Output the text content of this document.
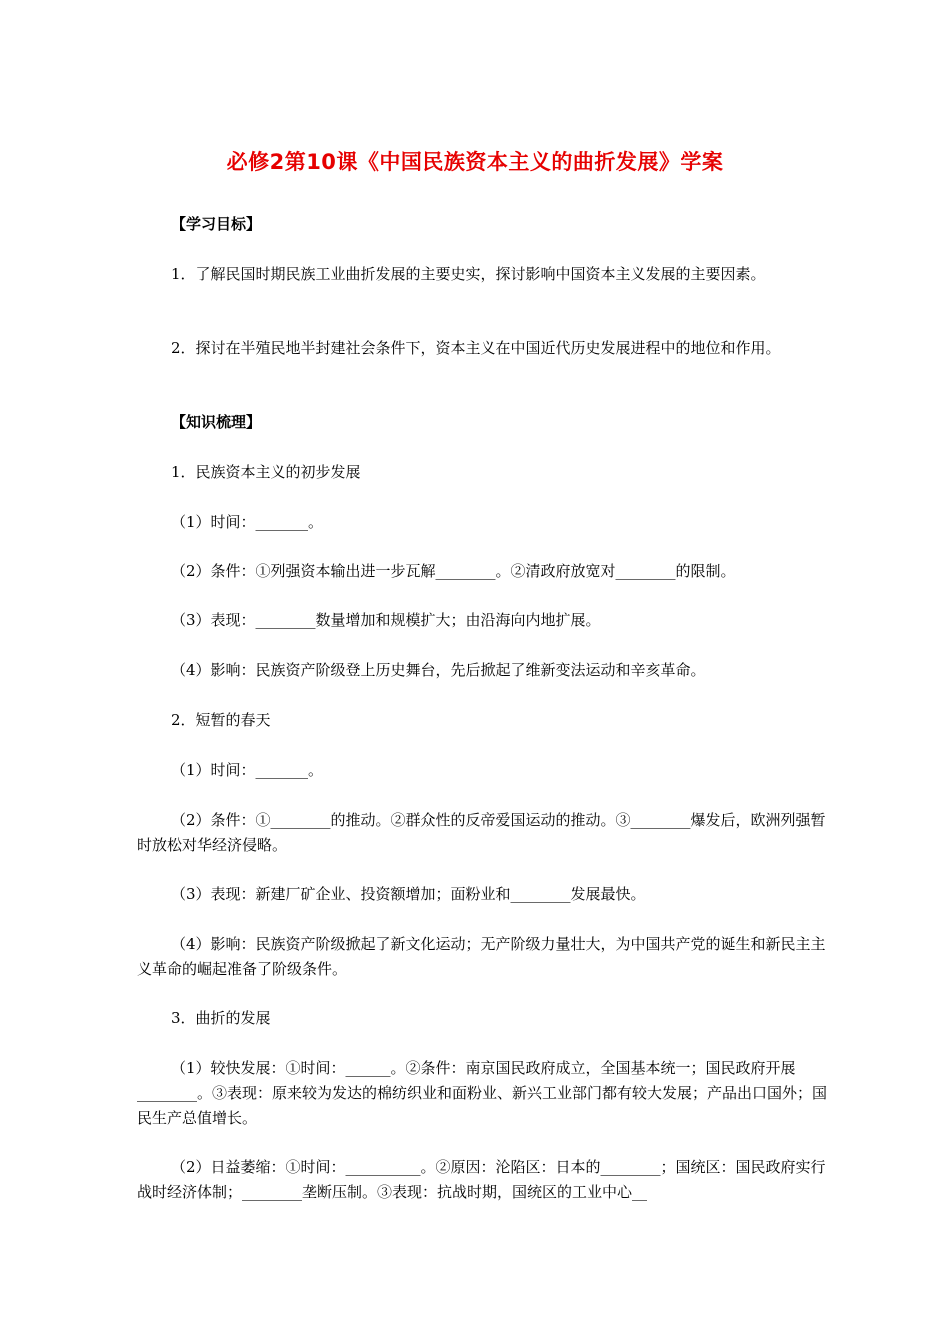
必修2第10课《中国民族资本主义的曲折发展》学案
【学习目标】
1．了解民国时期民族工业曲折发展的主要史实，探讨影响中国资本主义发展的主要因素。
2．探讨在半殖民地半封建社会条件下，资本主义在中国近代历史发展进程中的地位和作用。
【知识梳理】
1．民族资本主义的初步发展
（1）时间：_______。
（2）条件：①列强资本输出进一步瓦解________。②清政府放宽对________的限制。
（3）表现：________数量增加和规模扩大；由沿海向内地扩展。
（4）影响：民族资产阶级登上历史舞台，先后掀起了维新变法运动和辛亥革命。
2．短暂的春天
（1）时间：_______。
（2）条件：①________的推动。②群众性的反帝爱国运动的推动。③________爆发后，欧洲列强暂时放松对华经济侵略。
（3）表现：新建厂矿企业、投资额增加；面粉业和________发展最快。
（4）影响：民族资产阶级掀起了新文化运动；无产阶级力量壮大，为中国共产党的诞生和新民主主义革命的崛起准备了阶级条件。
3．曲折的发展
（1）较快发展：①时间：______。②条件：南京国民政府成立，全国基本统一；国民政府开展________。③表现：原来较为发达的棉纺织业和面粉业、新兴工业部门都有较大发展；产品出口国外；国民生产总值增长。
（2）日益萎缩：①时间：__________。②原因：沦陷区：日本的________；国统区：国民政府实行战时经济体制；________垄断压制。③表现：抗战时期，国统区的工业中心__
